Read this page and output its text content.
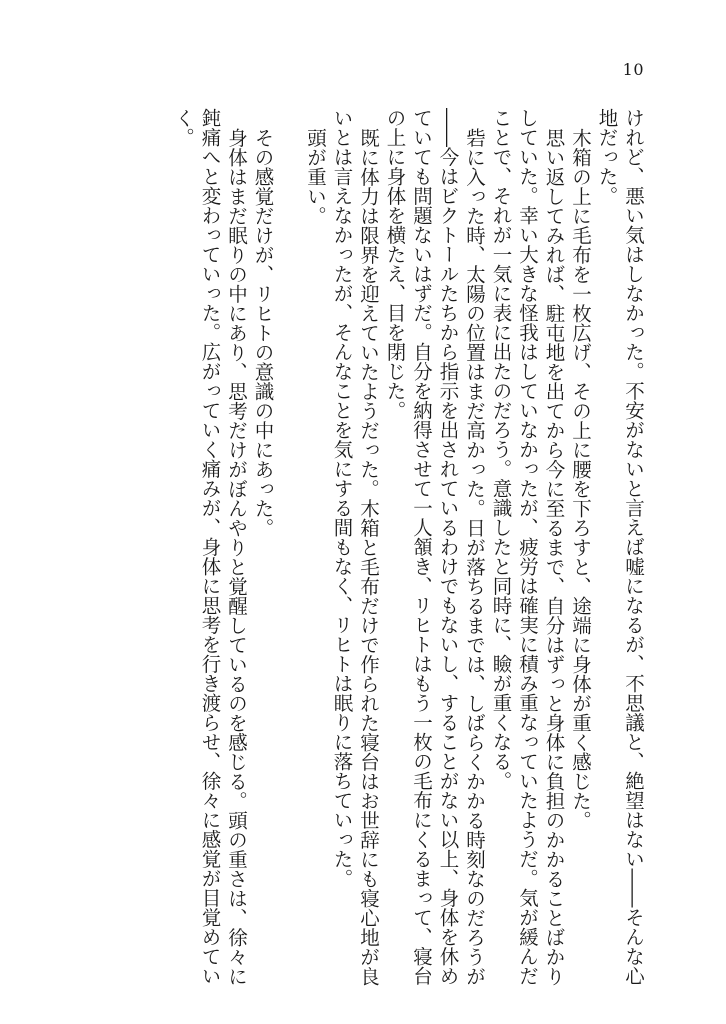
10

けれど、悪い気はしなかった。不安がないと言えば嘘になるが、不思議と、絶望はない――そんな心地だった。

木箱の上に毛布を一枚広げ、その上に腰を下ろすと、途端に身体が重く感じた。

思い返してみれば、駐屯地を出てから今に至るまで、自分はずっと身体に負担のかかることばかりしていた。幸い大きな怪我はしていなかったが、疲労は確実に積み重なっていたようだ。気が緩んだことで、それが一気に表に出たのだろう。意識したと同時に、瞼が重くなる。

砦に入った時、太陽の位置はまだ高かった。日が落ちるまでは、しばらくかかる時刻なのだろうが――今はビクトールたちから指示を出されているわけでもないし、することがない以上、身体を休めていても問題ないはずだ。自分を納得させて一人頷き、リヒトはもう一枚の毛布にくるまって、寝台の上に身体を横たえ、目を閉じた。

既に体力は限界を迎えていたようだった。木箱と毛布だけで作られた寝台はお世辞にも寝心地が良いとは言えなかったが、そんなことを気にする間もなく、リヒトは眠りに落ちていった。

頭が重い。

その感覚だけが、リヒトの意識の中にあった。

身体はまだ眠りの中にあり、思考だけがぼんやりと覚醒しているのを感じる。頭の重さは、徐々に鈍痛へと変わっていった。広がっていく痛みが、身体に思考を行き渡らせ、徐々に感覚が目覚めていく。
